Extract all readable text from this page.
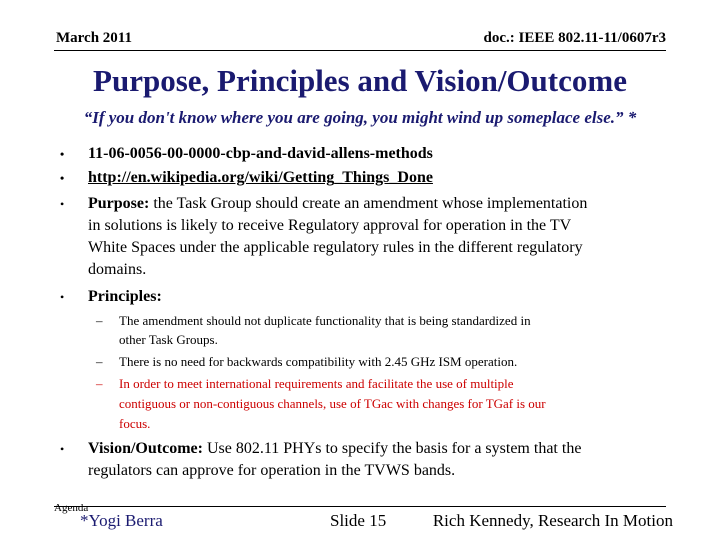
March 2011	doc.: IEEE 802.11-11/0607r3
Purpose, Principles and Vision/Outcome
“If you don't know where you are going, you might wind up someplace else.” *
•	11-06-0056-00-0000-cbp-and-david-allens-methods
•	http://en.wikipedia.org/wiki/Getting_Things_Done
•	Purpose: the Task Group should create an amendment whose implementation
in solutions is likely to receive Regulatory approval for operation in the TV
White Spaces under the applicable regulatory rules in the different regulatory
domains.
•	Principles:
– The amendment should not duplicate functionality that is being standardized in
other Task Groups.
– There is no need for backwards compatibility with 2.45 GHz ISM operation.
– In order to meet international requirements and facilitate the use of multiple
contiguous or non-contiguous channels, use of TGac with changes for TGaf is our
focus.
•	Vision/Outcome: Use 802.11 PHYs to specify the basis for a system that the
regulators can approve for operation in the TVWS bands.
Agenda
*Yogi Berra	Slide 15	Rich Kennedy, Research In Motion
